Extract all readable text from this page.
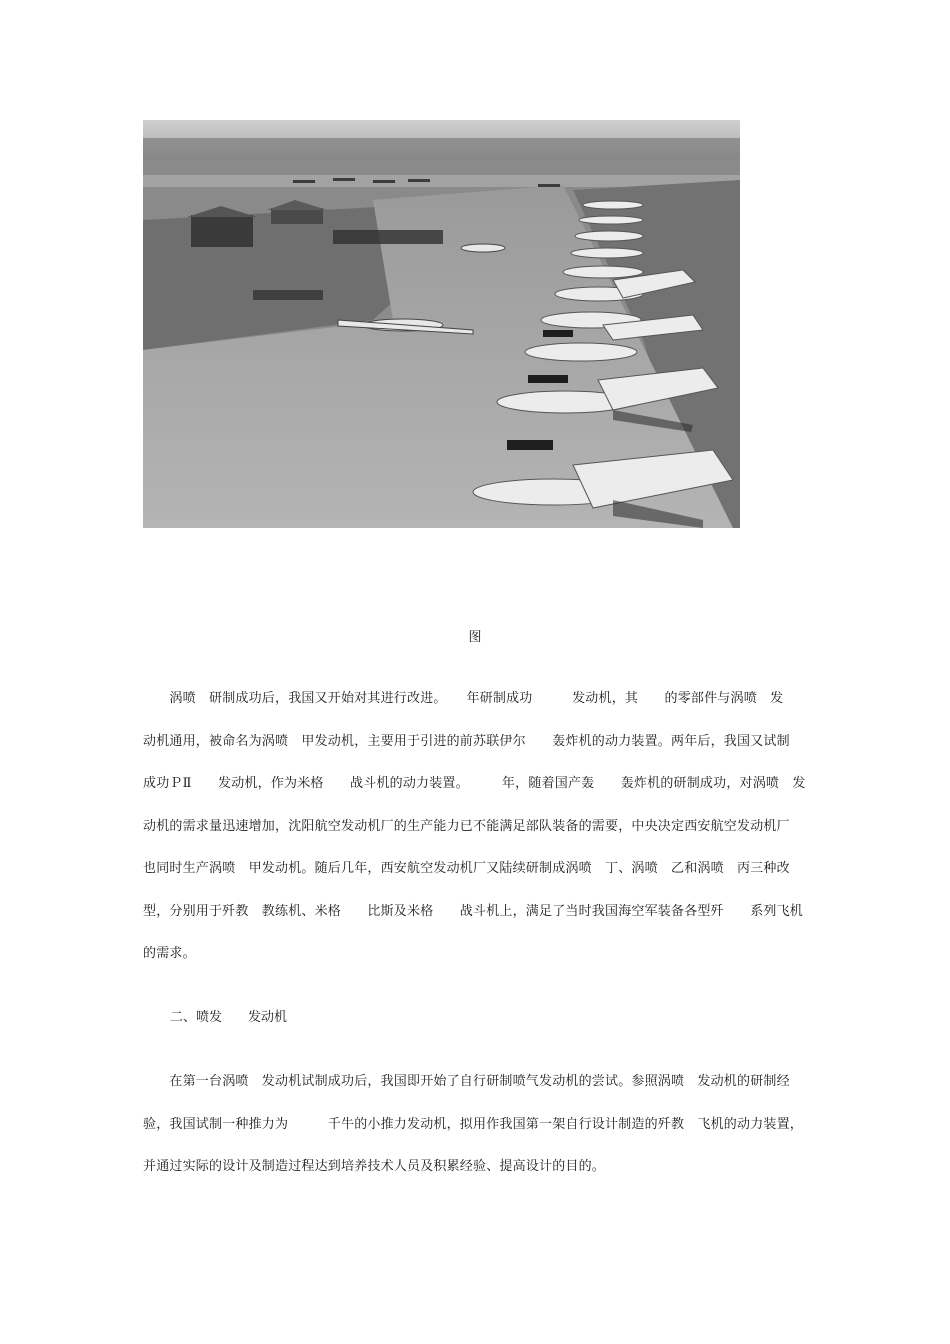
图
　　涡喷　研制成功后，我国又开始对其进行改进。　　年研制成功　　　发动机，其　　的零部件与涡喷　发
动机通用，被命名为涡喷　甲发动机，主要用于引进的前苏联伊尔　　轰炸机的动力装置。两年后，我国又试制
成功ＰⅡ　　发动机，作为米格　　战斗机的动力装置。　　　年，随着国产轰　　轰炸机的研制成功，对涡喷　发
动机的需求量迅速增加，沈阳航空发动机厂的生产能力已不能满足部队装备的需要，中央决定西安航空发动机厂
也同时生产涡喷　甲发动机。随后几年，西安航空发动机厂又陆续研制成涡喷　丁、涡喷　乙和涡喷　丙三种改
型，分别用于歼教　教练机、米格　　比斯及米格　　战斗机上，满足了当时我国海空军装备各型歼　　系列飞机
的需求。
二、喷发　　发动机
　　在第一台涡喷　发动机试制成功后，我国即开始了自行研制喷气发动机的尝试。参照涡喷　发动机的研制经
验，我国试制一种推力为　　　千牛的小推力发动机，拟用作我国第一架自行设计制造的歼教　飞机的动力装置，
并通过实际的设计及制造过程达到培养技术人员及积累经验、提高设计的目的。
